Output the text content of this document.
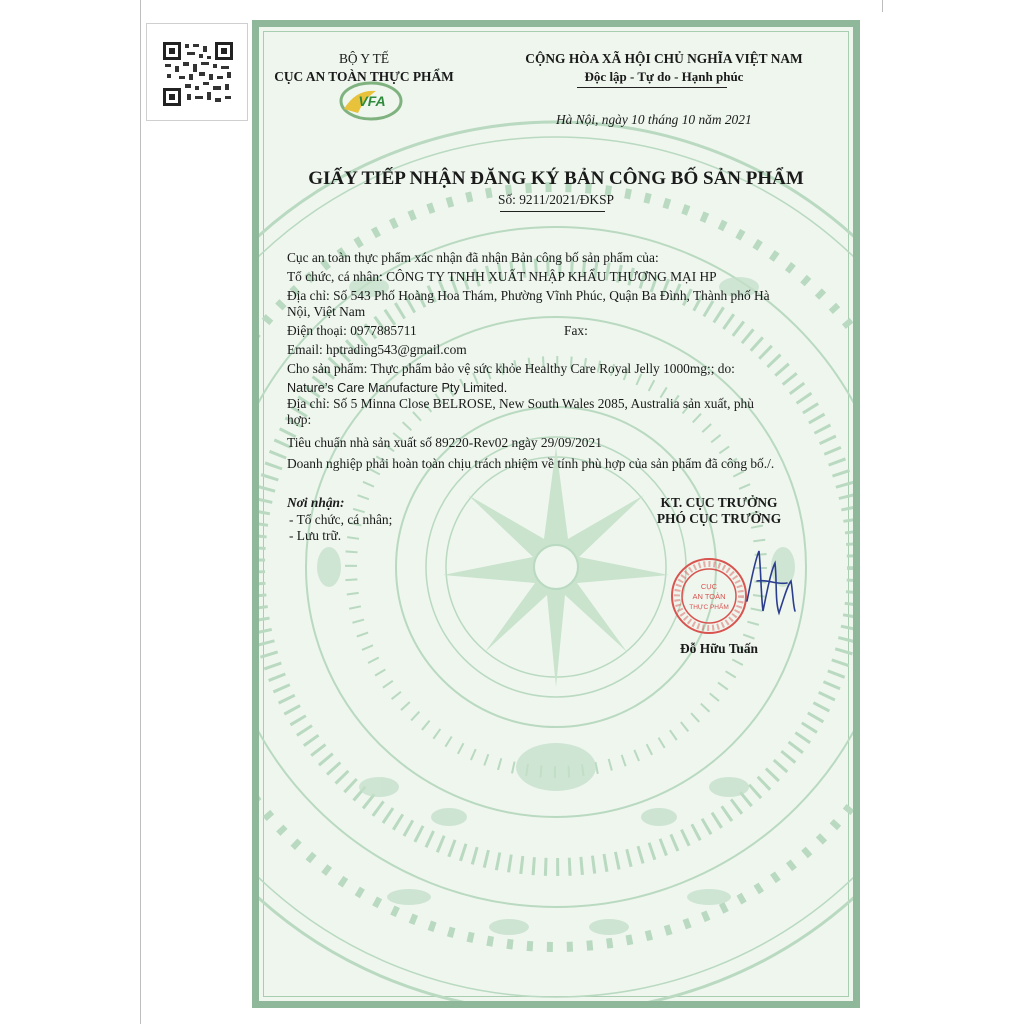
VFA
BỘ Y TẾ
CỤC AN TOÀN THỰC PHẨM
CỘNG HÒA XÃ HỘI CHỦ NGHĨA VIỆT NAM
Độc lập - Tự do - Hạnh phúc
Hà Nội, ngày 10 tháng 10 năm 2021
GIẤY TIẾP NHẬN ĐĂNG KÝ BẢN CÔNG BỐ SẢN PHẨM
Số: 9211/2021/ĐKSP
Cục an toàn thực phẩm xác nhận đã nhận Bản công bố sản phẩm của:
Tổ chức, cá nhân: CÔNG TY TNHH XUẤT NHẬP KHẨU THƯƠNG MẠI HP
Địa chỉ: Số 543 Phố Hoàng Hoa Thám, Phường Vĩnh Phúc, Quận Ba Đình, Thành phố Hà
Nội, Việt Nam
Điện thoại: 0977885711	Fax:
Email: hptrading543@gmail.com
Cho sản phẩm: Thực phẩm bảo vệ sức khỏe Healthy Care Royal Jelly 1000mg;; do:
Nature’s Care Manufacture Pty Limited.
Địa chỉ: Số 5 Minna Close BELROSE, New South Wales 2085, Australia sản xuất, phù
hợp:
Tiêu chuẩn nhà sản xuất số 89220-Rev02 ngày 29/09/2021
Doanh nghiệp phải hoàn toàn chịu trách nhiệm về tính phù hợp của sản phẩm đã công bố./.
Nơi nhận:
- Tổ chức, cá nhân;
- Lưu trữ.
KT. CỤC TRƯỞNG
PHÓ CỤC TRƯỞNG
CỤC
AN TOÀN
THỰC PHẨM
Đỗ Hữu Tuấn
